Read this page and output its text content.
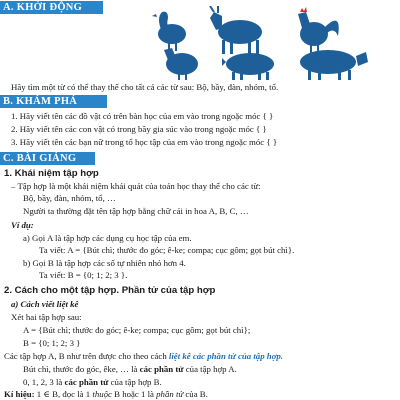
A. KHỞI ĐỘNG
Hãy tìm một từ có thể thay thế cho tất cả các từ sau: Bộ, bầy, đàn, nhóm, tổ.
B. KHÁM PHÁ
1. Hãy viết tên các đồ vật có trên bàn học của em vào trong ngoặc móc { }
2. Hãy viết tên các con vật có trong bầy gia súc vào trong ngoặc móc { }
3. Hãy viết tên các bạn nữ trong tổ học tập của em vào trong ngoặc móc { }
C. BÀI GIẢNG
1. Khái niệm tập hợp
– Tập hợp là một khái niệm khái quát của toán học thay thế cho các từ:
Bộ, bầy, đàn, nhóm, tổ, …
Người ta thường đặt tên tập hợp bằng chữ cái in hoa A, B, C, …
Ví dụ:
a) Gọi A là tập hợp các dụng cụ học tập của em.
Ta viết: A = {Bút chì; thước đo góc; ê-ke; compa; cục gôm; gọt bút chì}.
b) Gọi B là tập hợp các số tự nhiên nhỏ hơn 4.
Ta viết: B = {0; 1; 2; 3 }.
2. Cách cho một tập hợp. Phần tử của tập hợp
a) Cách viết liệt kê
Xét hai tập hợp sau:
A = {Bút chì; thước đo góc; ê-ke; compa; cục gôm; gọt bút chì};
B = {0; 1; 2; 3 }
Các tập hợp A, B như trên được cho theo cách liệt kê các phần tử của tập hợp.
Bút chì, thước đo góc, êke, … là các phần tử của tập hợp A.
0, 1, 2, 3 là các phần tử của tập hợp B.
Kí hiệu: 1 ∈ B, đọc là 1 thuộc B hoặc 1 là phần tử của B.
